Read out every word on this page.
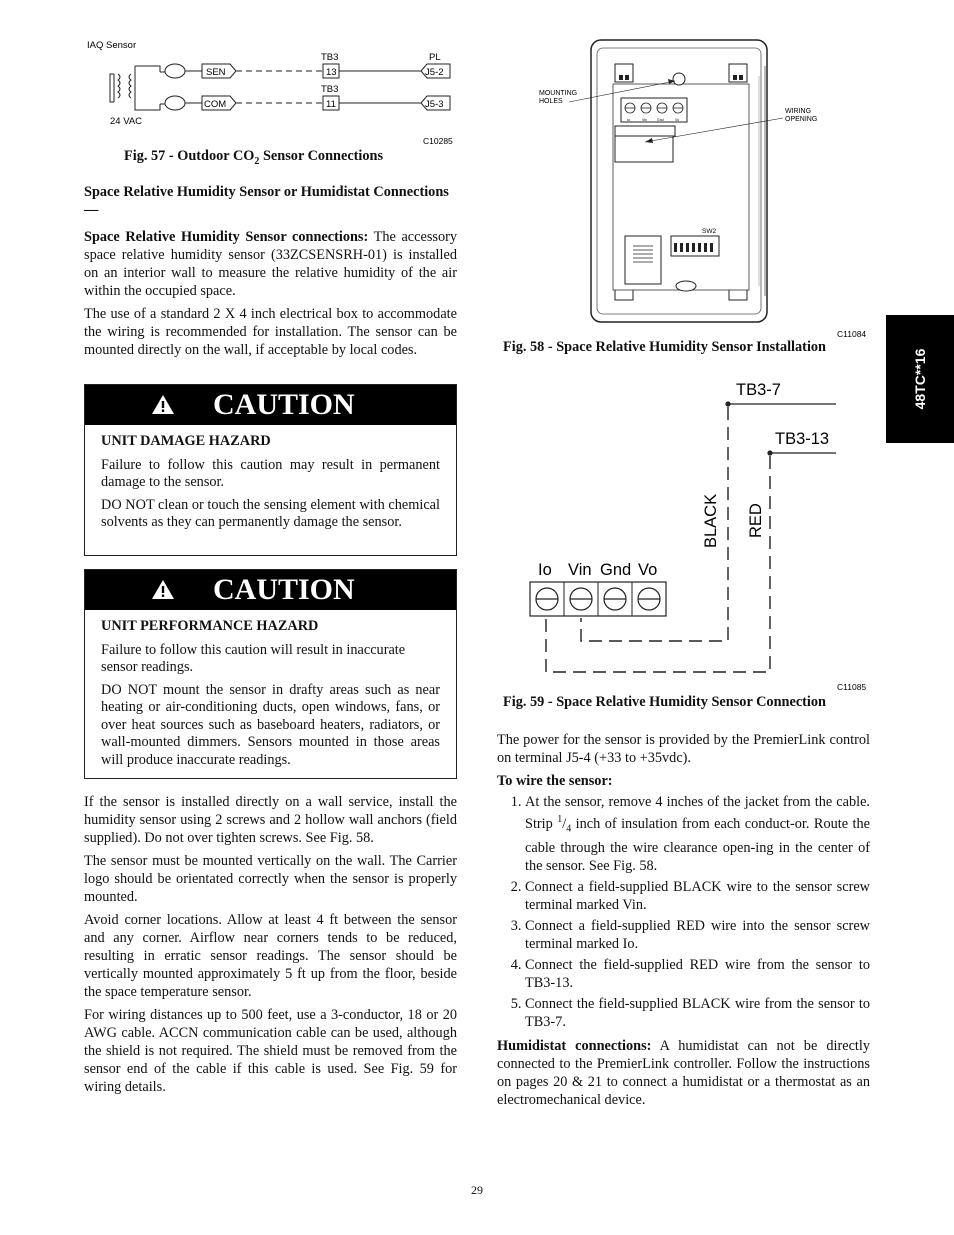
48TC**16
IAQ Sensor
24 VAC
SEN
COM
TB3
TB3
13
11
PL
J5-2
J5-3
C10285
Fig. 57 - Outdoor $CO_2$ Sensor Connections

Space Relative Humidity Sensor or Humidistat Connections —

Space Relative Humidity Sensor connections: The accessory space relative humidity sensor (33ZCSENSRH-01) is installed on an interior wall to measure the relative humidity of the air within the occupied space.

The use of a standard 2 X 4 inch electrical box to accommodate the wiring is recommended for installation. The sensor can be mounted directly on the wall, if acceptable by local codes.

CAUTION

UNIT DAMAGE HAZARD

Failure to follow this caution may result in permanent damage to the sensor.

DO NOT clean or touch the sensing element with chemical solvents as they can permanently damage the sensor.

CAUTION

UNIT PERFORMANCE HAZARD

Failure to follow this caution will result in inaccurate sensor readings.

DO NOT mount the sensor in drafty areas such as near heating or air-conditioning ducts, open windows, fans, or over heat sources such as baseboard heaters, radiators, or wall-mounted dimmers. Sensors mounted in those areas will produce inaccurate readings.

If the sensor is installed directly on a wall service, install the humidity sensor using 2 screws and 2 hollow wall anchors (field supplied). Do not over tighten screws. See Fig. 58.

The sensor must be mounted vertically on the wall. The Carrier logo should be orientated correctly when the sensor is properly mounted.

Avoid corner locations. Allow at least 4 ft between the sensor and any corner. Airflow near corners tends to be reduced, resulting in erratic sensor readings. The sensor should be vertically mounted approximately 5 ft up from the floor, beside the space temperature sensor.

For wiring distances up to 500 feet, use a 3-conductor, 18 or 20 AWG cable. ACCN communication cable can be used, although the shield is not required. The shield must be removed from the sensor end of the cable if this cable is used. See Fig. 59 for wiring details.

Io	Vin	Gnd	Vo
SW2
MOUNTING
HOLES
WIRING
OPENING
C11084
Fig. 58 - Space Relative Humidity Sensor Installation
TB3-7
TB3-13
BLACK RED
Io Vin Gnd Vo
C11085
Fig. 59 - Space Relative Humidity Sensor Connection

The power for the sensor is provided by the PremierLink control on terminal J5-4 (+33 to +35vdc).

To wire the sensor:

1. At the sensor, remove 4 inches of the jacket from the cable. Strip $^1/_4$ inch of insulation from each conduct-or. Route the cable through the wire clearance open-ing in the center of the sensor. See Fig. 58.
2. Connect a field-supplied BLACK wire to the sensor screw terminal marked Vin.
3. Connect a field-supplied RED wire into the sensor screw terminal marked Io.
4. Connect the field-supplied RED wire from the sensor to TB3-13.
5. Connect the field-supplied BLACK wire from the sensor to TB3-7.

Humidistat connections: A humidistat can not be directly connected to the PremierLink controller. Follow the instructions on pages 20 & 21 to connect a humidistat or a thermostat as an electromechanical device.

29
